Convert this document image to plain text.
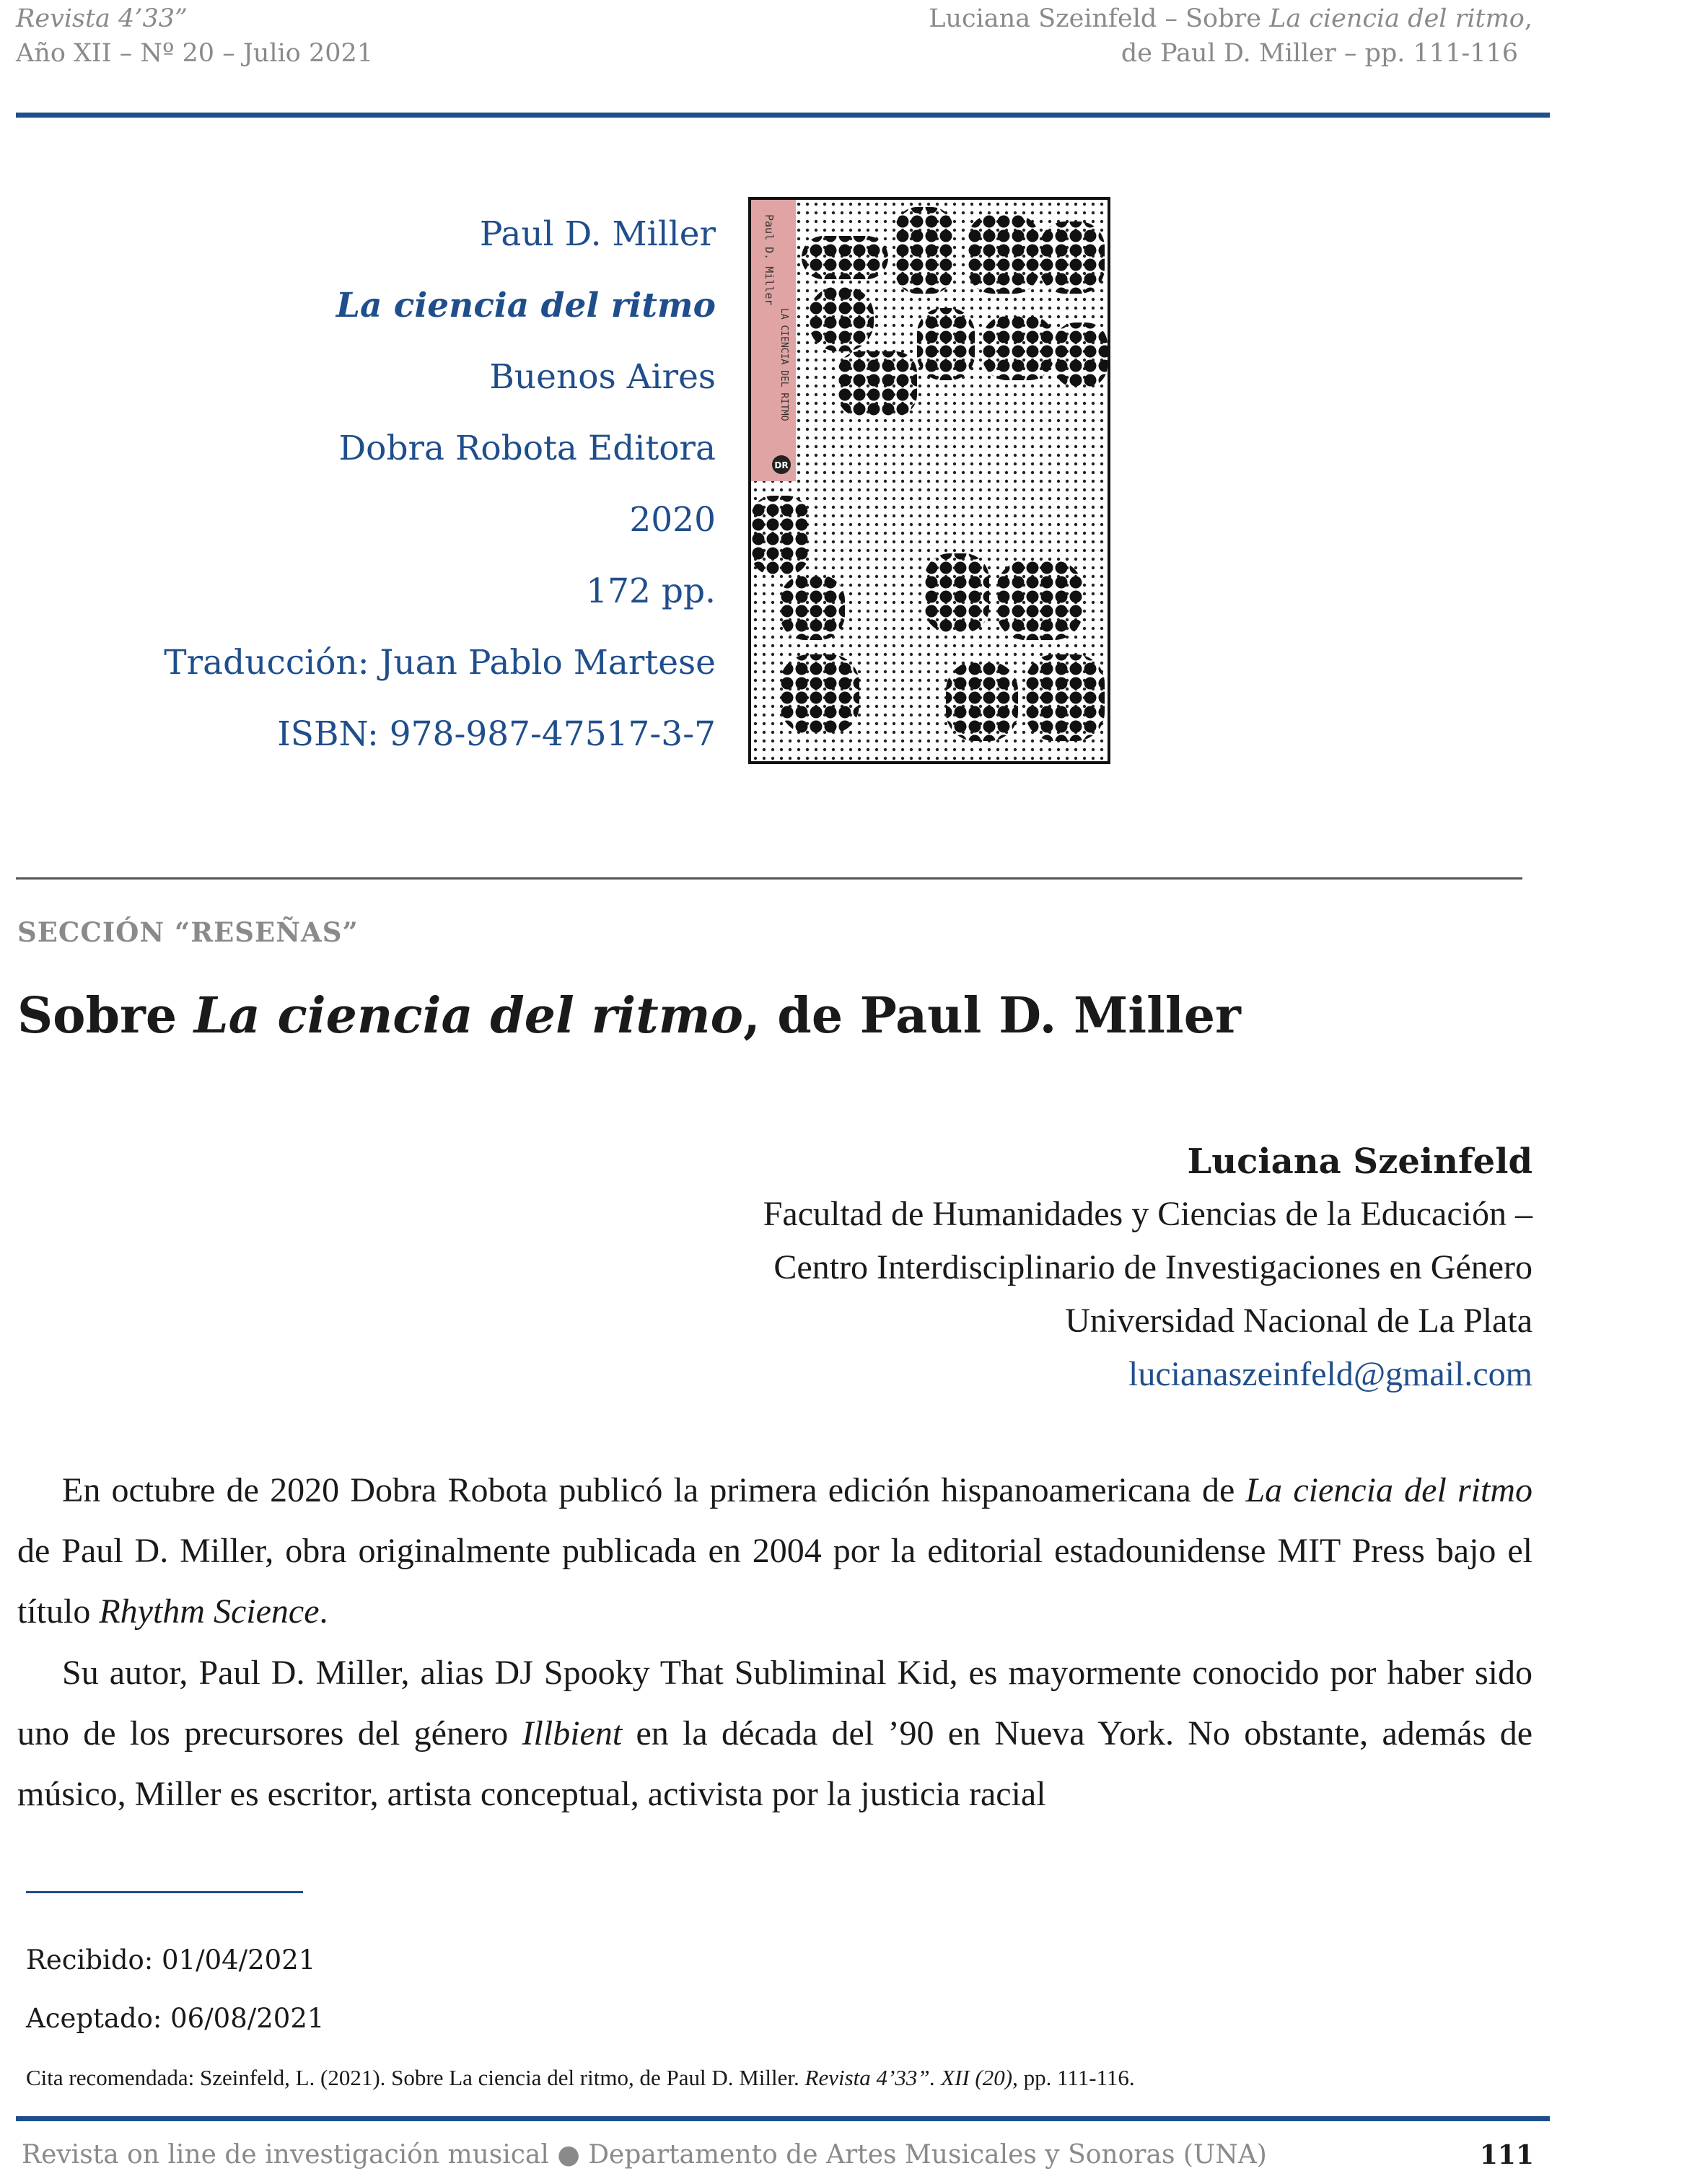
Revista 4’33”
Año XII – Nº 20 – Julio 2021
Luciana Szeinfeld – Sobre La ciencia del ritmo,
de Paul D. Miller – pp. 111-116
Paul D. Miller
La ciencia del ritmo
Buenos Aires
Dobra Robota Editora
2020
172 pp.
Traducción: Juan Pablo Martese
ISBN: 978-987-47517-3-7
Paul D. Miller
LA CIENCIA DEL RITMO
DR
SECCIÓN “RESEÑAS”
Sobre La ciencia del ritmo, de Paul D. Miller
Luciana Szeinfeld
Facultad de Humanidades y Ciencias de la Educación –
Centro Interdisciplinario de Investigaciones en Género
Universidad Nacional de La Plata
lucianaszeinfeld@gmail.com
En octubre de 2020 Dobra Robota publicó la primera edición hispanoamericana de La ciencia del ritmo de Paul D. Miller, obra originalmente publicada en 2004 por la editorial estadounidense MIT Press bajo el título Rhythm Science.
Su autor, Paul D. Miller, alias DJ Spooky That Subliminal Kid, es mayormente conocido por haber sido uno de los precursores del género Illbient en la década del ’90 en Nueva York. No obstante, además de músico, Miller es escritor, artista conceptual, activista por la justicia racial
Recibido: 01/04/2021
Aceptado: 06/08/2021
Cita recomendada: Szeinfeld, L. (2021). Sobre La ciencia del ritmo, de Paul D. Miller. Revista 4’33”. XII (20), pp. 111-116.
Revista on line de investigación musical ● Departamento de Artes Musicales y Sonoras (UNA)	111
